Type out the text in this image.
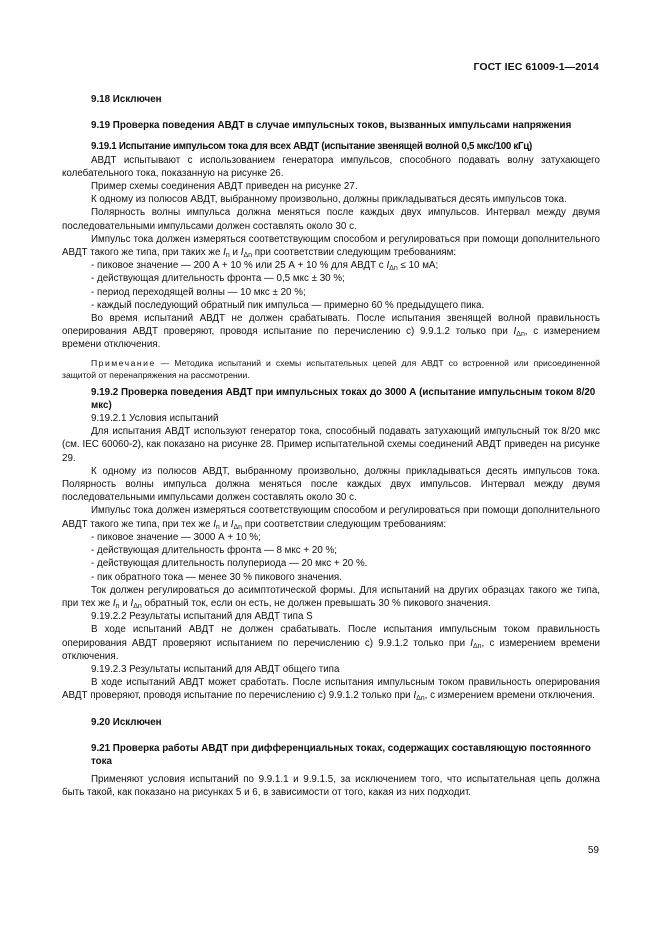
ГОСТ IEC 61009-1—2014
9.18 Исключен
9.19 Проверка поведения АВДТ в случае импульсных токов, вызванных импульсами напряжения
9.19.1 Испытание импульсом тока для всех АВДТ (испытание звенящей волной 0,5 мкс/100 кГц)
АВДТ испытывают с использованием генератора импульсов, способного подавать волну затухающего колебательного тока, показанную на рисунке 26.
Пример схемы соединения АВДТ приведен на рисунке 27.
К одному из полюсов АВДТ, выбранному произвольно, должны прикладываться десять импульсов тока.
Полярность волны импульса должна меняться после каждых двух импульсов. Интервал между двумя последовательными импульсами должен составлять около 30 с.
Импульс тока должен измеряться соответствующим способом и регулироваться при помощи дополнительного АВДТ такого же типа, при таких же $I_n$ и $I_{\Delta n}$ при соответствии следующим требованиям:
- пиковое значение — 200 А + 10 % или 25 А + 10 % для АВДТ с $I_{\Delta n} \le 10$ мА;
- действующая длительность фронта — 0,5 мкс ± 30 %;
- период переходящей волны — 10 мкс ± 20 %;
- каждый последующий обратный пик импульса — примерно 60 % предыдущего пика.
Во время испытаний АВДТ не должен срабатывать. После испытания звенящей волной правильность оперирования АВДТ проверяют, проводя испытание по перечислению c) 9.9.1.2 только при $I_{\Delta n}$, с измерением времени отключения.
Примечание — Методика испытаний и схемы испытательных цепей для АВДТ со встроенной или присоединенной защитой от перенапряжения на рассмотрении.
9.19.2 Проверка поведения АВДТ при импульсных токах до 3000 А (испытание импульсным током 8/20 мкс)
9.19.2.1 Условия испытаний
Для испытания АВДТ используют генератор тока, способный подавать затухающий импульсный ток 8/20 мкс (см. IEC 60060-2), как показано на рисунке 28. Пример испытательной схемы соединений АВДТ приведен на рисунке 29.
К одному из полюсов АВДТ, выбранному произвольно, должны прикладываться десять импульсов тока. Полярность волны импульса должна меняться после каждых двух импульсов. Интервал между двумя последовательными импульсами должен составлять около 30 с.
Импульс тока должен измеряться соответствующим способом и регулироваться при помощи дополнительного АВДТ такого же типа, при тех же $I_n$ и $I_{\Delta n}$ при соответствии следующим требованиям:
- пиковое значение — 3000 А + 10 %;
- действующая длительность фронта — 8 мкс + 20 %;
- действующая длительность полупериода — 20 мкс + 20 %.
- пик обратного тока — менее 30 % пикового значения.
Ток должен регулироваться до асимптотической формы. Для испытаний на других образцах такого же типа, при тех же $I_n$ и $I_{\Delta n}$ обратный ток, если он есть, не должен превышать 30 % пикового значения.
9.19.2.2 Результаты испытаний для АВДТ типа S
В ходе испытаний АВДТ не должен срабатывать. После испытания импульсным током правильность оперирования АВДТ проверяют испытанием по перечислению c) 9.9.1.2 только при $I_{\Delta n}$, с измерением времени отключения.
9.19.2.3 Результаты испытаний для АВДТ общего типа
В ходе испытаний АВДТ может сработать. После испытания импульсным током правильность оперирования АВДТ проверяют, проводя испытание по перечислению c) 9.9.1.2 только при $I_{\Delta n}$, с измерением времени отключения.
9.20 Исключен
9.21 Проверка работы АВДТ при дифференциальных токах, содержащих составляющую постоянного тока
Применяют условия испытаний по 9.9.1.1 и 9.9.1.5, за исключением того, что испытательная цепь должна быть такой, как показано на рисунках 5 и 6, в зависимости от того, какая из них подходит.
59
